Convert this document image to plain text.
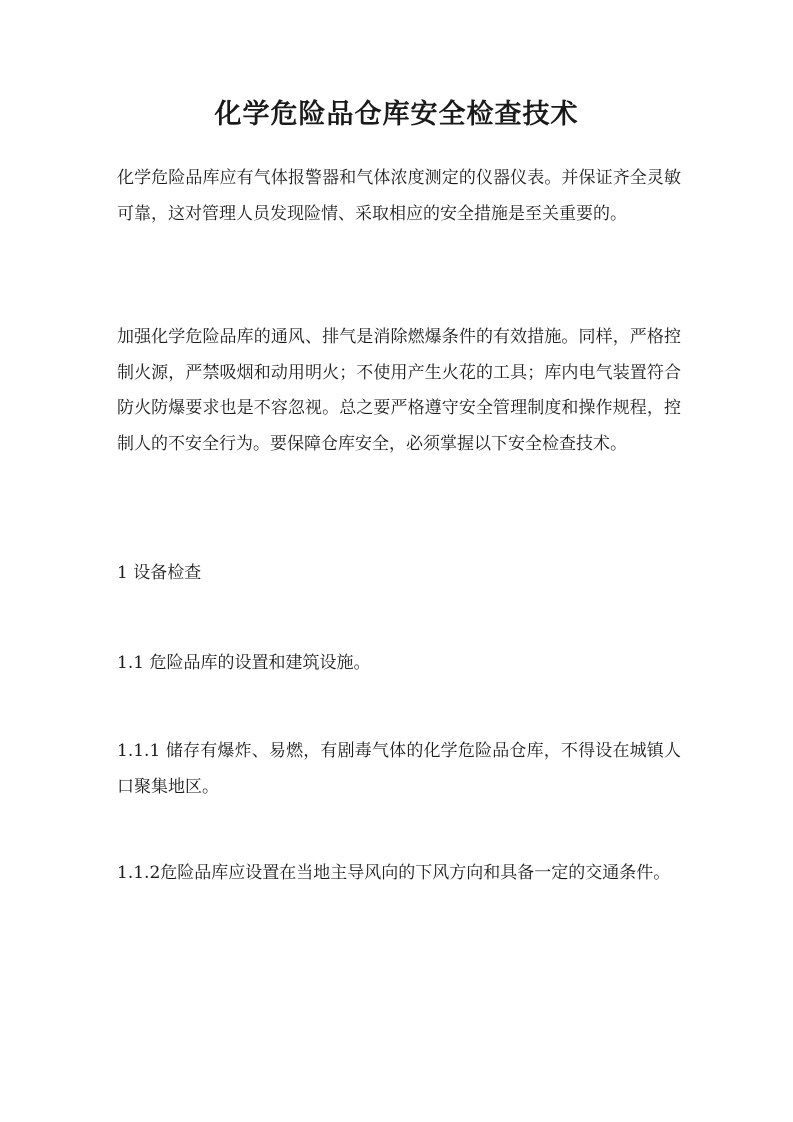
化学危险品仓库安全检查技术

化学危险品库应有气体报警器和气体浓度测定的仪器仪表。并保证齐全灵敏可靠，这对管理人员发现险情、采取相应的安全措施是至关重要的。

加强化学危险品库的通风、排气是消除燃爆条件的有效措施。同样，严格控制火源，严禁吸烟和动用明火；不使用产生火花的工具；库内电气装置符合防火防爆要求也是不容忽视。总之要严格遵守安全管理制度和操作规程，控制人的不安全行为。要保障仓库安全，必须掌握以下安全检查技术。

1 设备检查

1.1 危险品库的设置和建筑设施。

1.1.1 储存有爆炸、易燃，有剧毒气体的化学危险品仓库，不得设在城镇人口聚集地区。

1.1.2危险品库应设置在当地主导风向的下风方向和具备一定的交通条件。
